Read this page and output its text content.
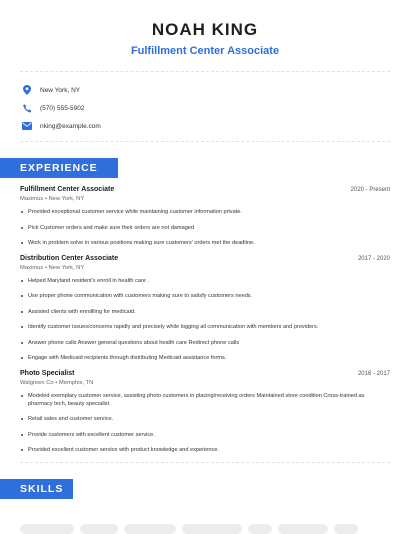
NOAH KING
Fulfillment Center Associate
New York, NY
(570) 555-5902
nking@example.com
EXPERIENCE
Fulfillment Center Associate	2020 - Present
Maximus • New York, NY
Provided exceptional customer service while maintaining customer information private.
Pick Customer orders and make sure their orders are not damaged
Work in problem solve in various positions making sure customers' orders met the deadline.
Distribution Center Associate	2017 - 2020
Maximus • New York, NY
Helped Maryland resident's enroll in health care .
Use proper phone communication with customers making sure to satisfy customers needs.
Assisted clients with enrollling for medicaid.
Identify customer issues/concerns rapidly and precisely while logging all communication with members and providers.
Answer phone calls Answer general questions about health care Redirect phone calls
Engage with Medicaid recipients through distributing Medicaid assistance forms.
Photo Specialist	2016 - 2017
Walgreen Co • Memphis, TN
Modeled exemplary customer service, assisting photo customers in placing/receiving orders Maintained store condition Cross-trained as pharmacy tech, beauty specialist
Retail sales and customer service.
Provide customers with excellent customer service.
Provided excellent customer service with product knowledge and experience.
SKILLS
